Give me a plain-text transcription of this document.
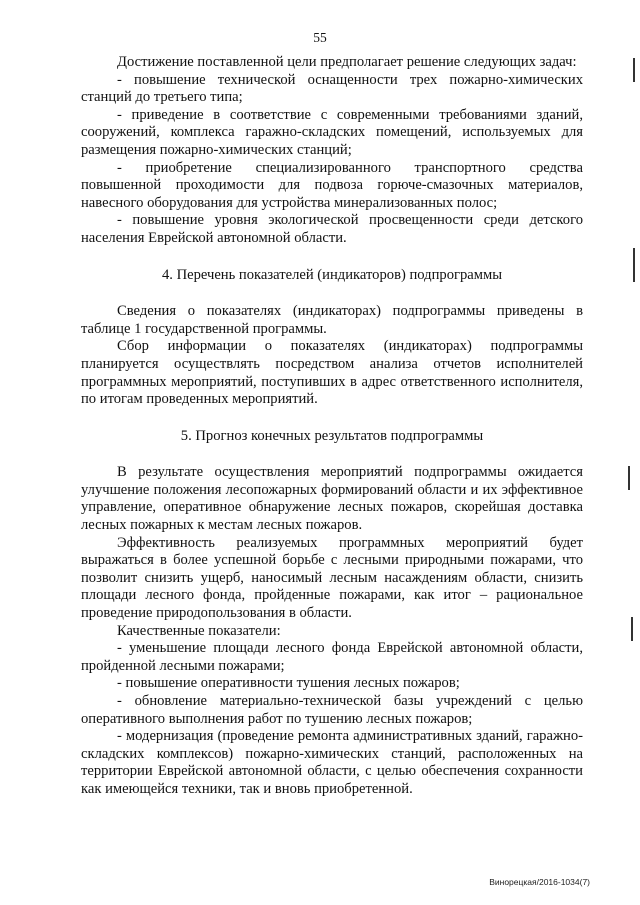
55

Достижение поставленной цели предполагает решение следующих задач:

- повышение технической оснащенности трех пожарно-химических станций до третьего типа;

- приведение в соответствие с современными требованиями зданий, сооружений, комплекса гаражно-складских помещений, используемых для размещения пожарно-химических станций;

- приобретение специализированного транспортного средства повышенной проходимости для подвоза горюче-смазочных материалов, навесного оборудования для устройства минерализованных полос;

- повышение уровня экологической просвещенности среди детского населения Еврейской автономной области.

4. Перечень показателей (индикаторов) подпрограммы

Сведения о показателях (индикаторах) подпрограммы приведены в таблице 1 государственной программы.

Сбор информации о показателях (индикаторах) подпрограммы планируется осуществлять посредством анализа отчетов исполнителей программных мероприятий, поступивших в адрес ответственного исполнителя, по итогам проведенных мероприятий.

5. Прогноз конечных результатов подпрограммы

В результате осуществления мероприятий подпрограммы ожидается улучшение положения лесопожарных формирований области и их эффективное управление, оперативное обнаружение лесных пожаров, скорейшая доставка лесных пожарных к местам лесных пожаров.

Эффективность реализуемых программных мероприятий будет выражаться в более успешной борьбе с лесными природными пожарами, что позволит снизить ущерб, наносимый лесным насаждениям области, снизить площади лесного фонда, пройденные пожарами, как итог – рациональное проведение природопользования в области.

Качественные показатели:

- уменьшение площади лесного фонда Еврейской автономной области, пройденной лесными пожарами;

- повышение оперативности тушения лесных пожаров;

- обновление материально-технической базы учреждений с целью оперативного выполнения работ по тушению лесных пожаров;

- модернизация (проведение ремонта административных зданий, гаражно-складских комплексов) пожарно-химических станций, расположенных на территории Еврейской автономной области, с целью обеспечения сохранности как имеющейся техники, так и вновь приобретенной.

Винорецкая/2016-1034(7)
